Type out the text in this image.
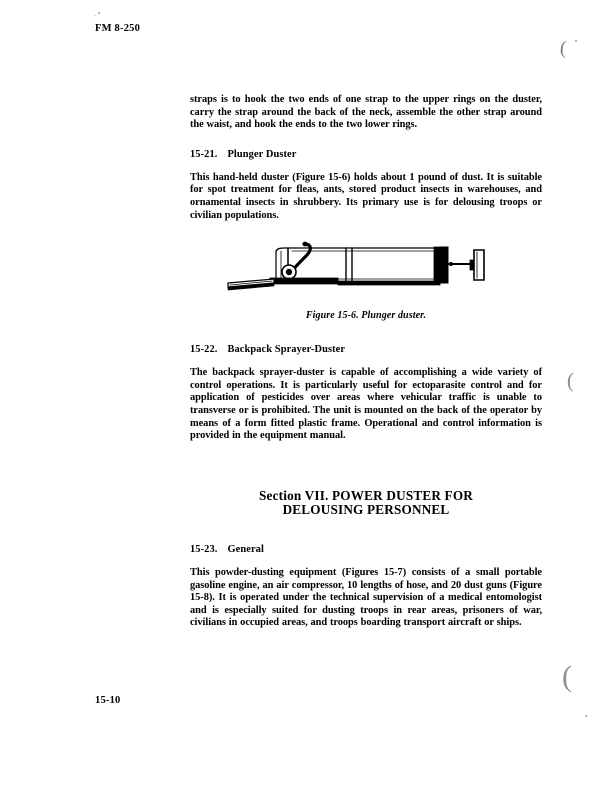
FM 8-250
15-10
.
(
(
(

straps is to hook the two ends of one strap to the upper rings on the duster, carry the strap around the back of the neck, assemble the other strap around the waist, and hook the ends to the two lower rings.

15-21. Plunger Duster

This hand-held duster (Figure 15-6) holds about 1 pound of dust. It is suitable for spot treatment for fleas, ants, stored product insects in warehouses, and ornamental insects in shrubbery. Its primary use is for delousing troops or civilian populations.

Figure 15-6. Plunger duster.
15-22. Backpack Sprayer-Duster

The backpack sprayer-duster is capable of accomplishing a wide variety of control operations. It is particularly useful for ectoparasite control and for application of pesticides over areas where vehicular traffic is unable to transverse or is prohibited. The unit is mounted on the back of the operator by means of a form fitted plastic frame. Operational and control information is provided in the equipment manual.

Section VII. POWER DUSTER FOR
DELOUSING PERSONNEL
15-23. General

This powder-dusting equipment (Figures 15-7) consists of a small portable gasoline engine, an air compressor, 10 lengths of hose, and 20 dust guns (Figure 15-8). It is operated under the technical supervision of a medical entomologist and is especially suited for dusting troops in rear areas, prisoners of war, civilians in occupied areas, and troops boarding transport aircraft or ships.
